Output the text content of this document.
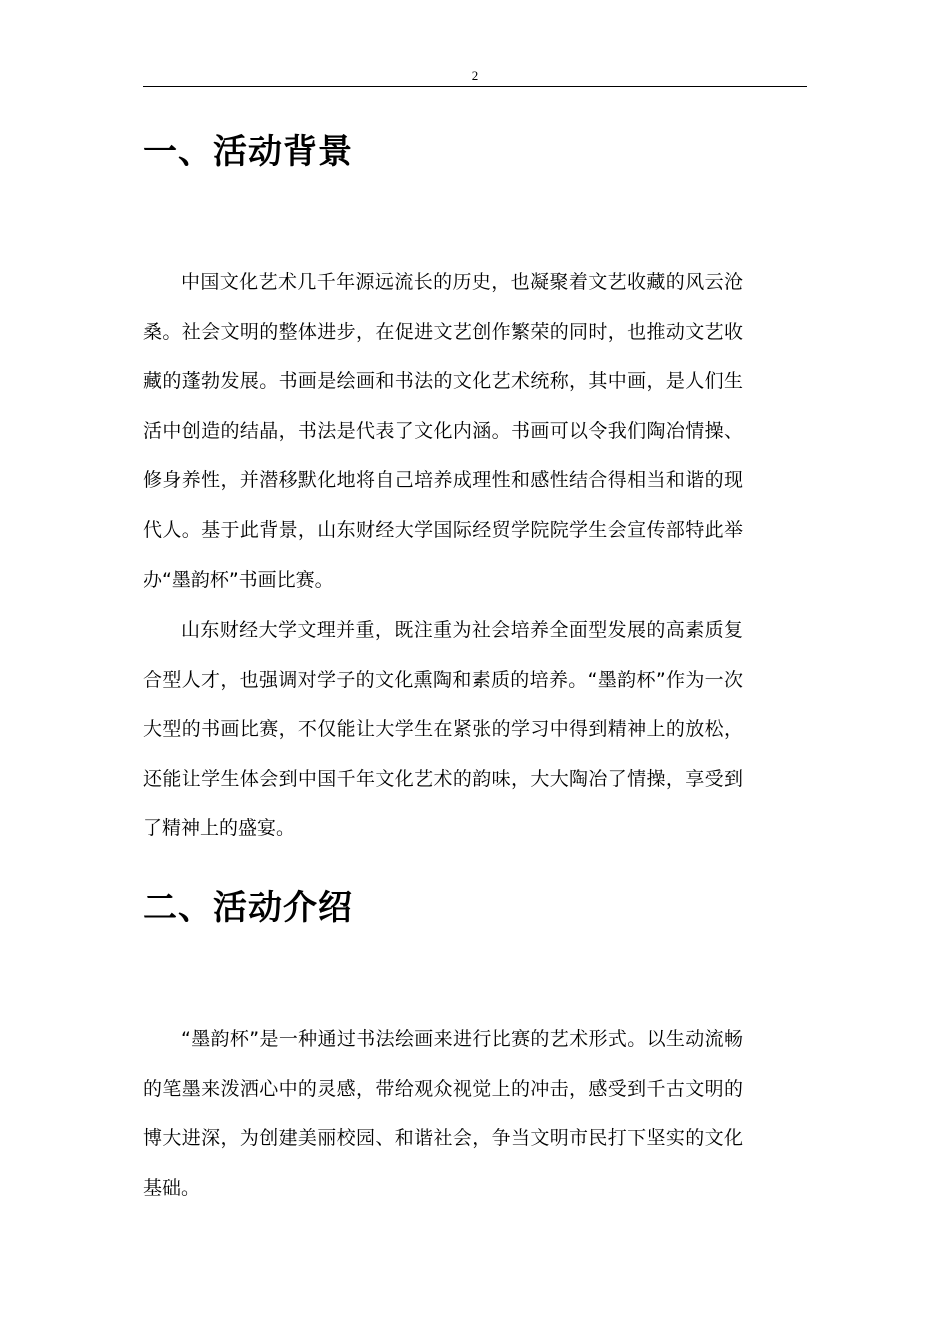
2
一、活动背景

中国文化艺术几千年源远流长的历史，也凝聚着文艺收藏的风云沧桑。社会文明的整体进步，在促进文艺创作繁荣的同时，也推动文艺收藏的蓬勃发展。书画是绘画和书法的文化艺术统称，其中画，是人们生活中创造的结晶，书法是代表了文化内涵。书画可以令我们陶冶情操、修身养性，并潜移默化地将自己培养成理性和感性结合得相当和谐的现代人。基于此背景，山东财经大学国际经贸学院院学生会宣传部特此举办“墨韵杯”书画比赛。

山东财经大学文理并重，既注重为社会培养全面型发展的高素质复合型人才，也强调对学子的文化熏陶和素质的培养。“墨韵杯”作为一次大型的书画比赛，不仅能让大学生在紧张的学习中得到精神上的放松，还能让学生体会到中国千年文化艺术的韵味，大大陶冶了情操，享受到了精神上的盛宴。

二、活动介绍

“墨韵杯”是一种通过书法绘画来进行比赛的艺术形式。以生动流畅的笔墨来泼洒心中的灵感，带给观众视觉上的冲击，感受到千古文明的博大进深，为创建美丽校园、和谐社会，争当文明市民打下坚实的文化基础。
